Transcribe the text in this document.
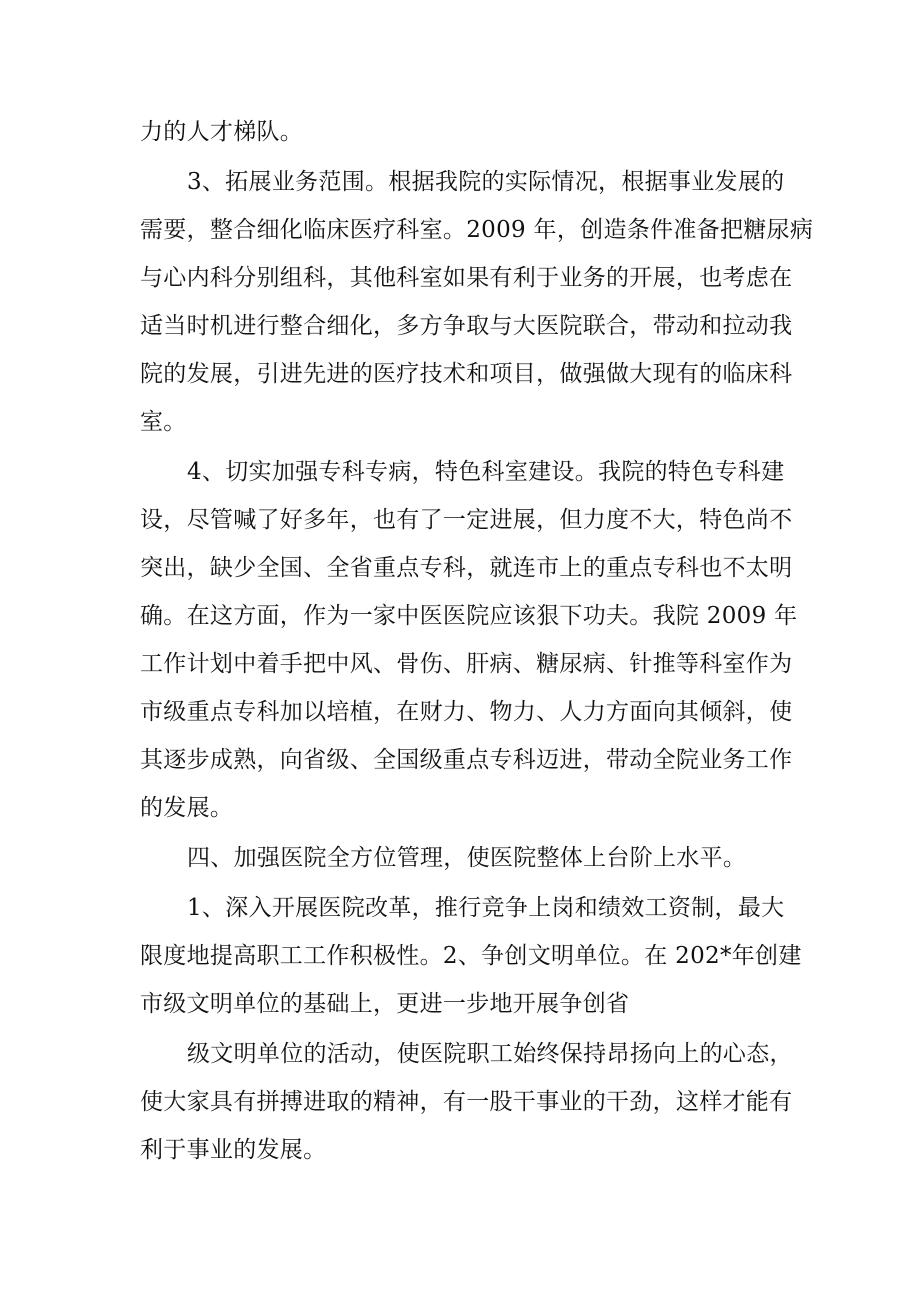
力的人才梯队。
3、拓展业务范围。根据我院的实际情况，根据事业发展的
需要，整合细化临床医疗科室。2009 年，创造条件准备把糖尿病
与心内科分别组科，其他科室如果有利于业务的开展，也考虑在
适当时机进行整合细化，多方争取与大医院联合，带动和拉动我
院的发展，引进先进的医疗技术和项目，做强做大现有的临床科
室。
4、切实加强专科专病，特色科室建设。我院的特色专科建
设，尽管喊了好多年，也有了一定进展，但力度不大，特色尚不
突出，缺少全国、全省重点专科，就连市上的重点专科也不太明
确。在这方面，作为一家中医医院应该狠下功夫。我院 2009 年
工作计划中着手把中风、骨伤、肝病、糖尿病、针推等科室作为
市级重点专科加以培植，在财力、物力、人力方面向其倾斜，使
其逐步成熟，向省级、全国级重点专科迈进，带动全院业务工作
的发展。
四、加强医院全方位管理，使医院整体上台阶上水平。
1、深入开展医院改革，推行竞争上岗和绩效工资制，最大
限度地提高职工工作积极性。2、争创文明单位。在 202*年创建
市级文明单位的基础上，更进一步地开展争创省
级文明单位的活动，使医院职工始终保持昂扬向上的心态，
使大家具有拼搏进取的精神，有一股干事业的干劲，这样才能有
利于事业的发展。
